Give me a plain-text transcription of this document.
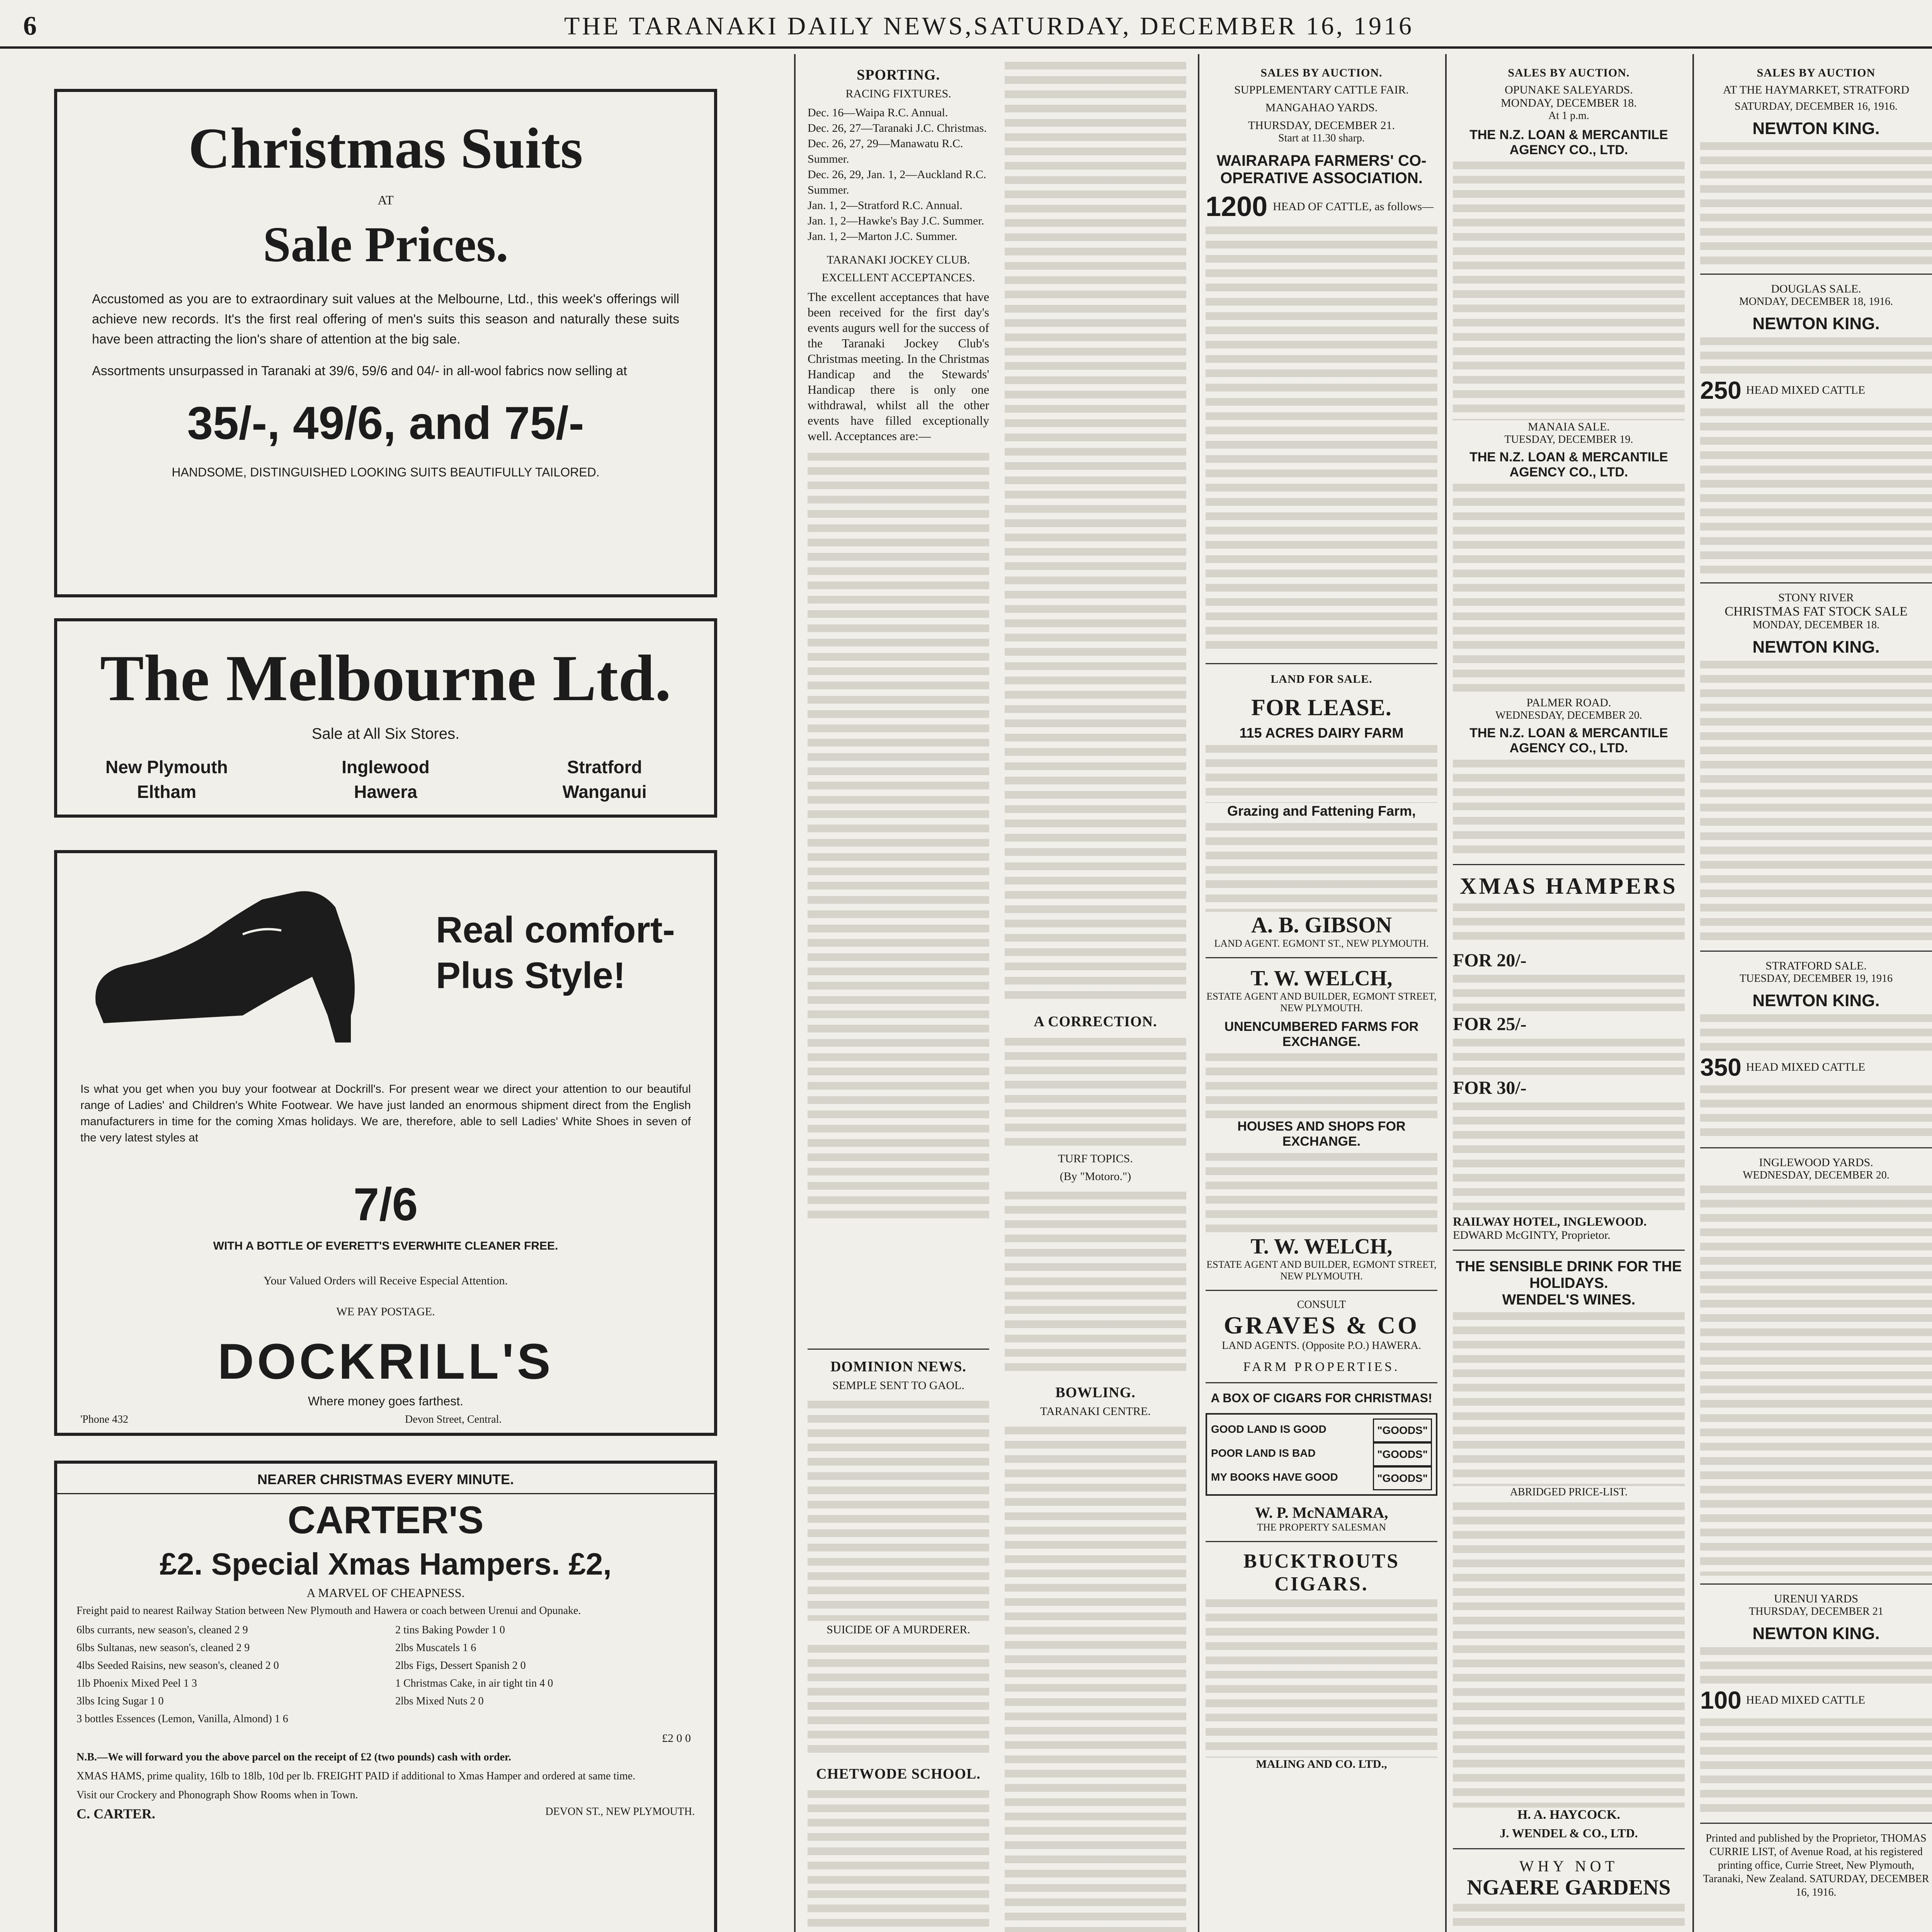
6	THE TARANAKI DAILY NEWS,SATURDAY, DECEMBER 16, 1916
Christmas Suits
AT
Sale Prices.

Accustomed as you are to extraordinary suit values at the Melbourne, Ltd., this week's offerings will achieve new records. It's the first real offering of men's suits this season and naturally these suits have been attracting the lion's share of attention at the big sale.

Assortments unsurpassed in Taranaki at 39/6, 59/6 and 04/- in all-wool fabrics now selling at

35/-, 49/6, and 75/-
HANDSOME, DISTINGUISHED LOOKING SUITS BEAUTIFULLY TAILORED.
The Melbourne Ltd.
Sale at All Six Stores.
New Plymouth	Inglewood	Stratford
Eltham	Hawera	Wanganui
Real comfort-Plus Style!

Is what you get when you buy your footwear at Dockrill's. For present wear we direct your attention to our beautiful range of Ladies' and Children's White Footwear. We have just landed an enormous shipment direct from the English manufacturers in time for the coming Xmas holidays. We are, therefore, able to sell Ladies' White Shoes in seven of the very latest styles at

7/6
WITH A BOTTLE OF EVERETT'S EVERWHITE CLEANER FREE.
Your Valued Orders will Receive Especial Attention.
WE PAY POSTAGE.
DOCKRILL'S
Where money goes farthest.
'Phone 432	Devon Street, Central.
NEARER CHRISTMAS EVERY MINUTE.
CARTER'S
£2. Special Xmas Hampers. £2,
A MARVEL OF CHEAPNESS.

Freight paid to nearest Railway Station between New Plymouth and Hawera or coach between Urenui and Opunake.

6lbs currants, new season's, cleaned 2 9
6lbs Sultanas, new season's, cleaned 2 9
4lbs Seeded Raisins, new season's, cleaned 2 0
1lb Phoenix Mixed Peel 1 3
3lbs Icing Sugar 1 0
3 bottles Essences (Lemon, Vanilla, Almond) 1 6
2 tins Baking Powder 1 0
2lbs Muscatels 1 6
2lbs Figs, Dessert Spanish 2 0
1 Christmas Cake, in air tight tin 4 0
2lbs Mixed Nuts 2 0
£2 0 0

N.B.—We will forward you the above parcel on the receipt of £2 (two pounds) cash with order.

XMAS HAMS, prime quality, 16lb to 18lb, 10d per lb. FREIGHT PAID if additional to Xmas Hamper and ordered at same time.

Visit our Crockery and Phonograph Show Rooms when in Town.

C. CARTER.	DEVON ST., NEW PLYMOUTH.

SPORTING.
RACING FIXTURES.
Dec. 16—Waipa R.C. Annual.
Dec. 26, 27—Taranaki J.C. Christmas.
Dec. 26, 27, 29—Manawatu R.C. Summer.
Dec. 26, 29, Jan. 1, 2—Auckland R.C. Summer.
Jan. 1, 2—Stratford R.C. Annual.
Jan. 1, 2—Hawke's Bay J.C. Summer.
Jan. 1, 2—Marton J.C. Summer.
TARANAKI JOCKEY CLUB.
EXCELLENT ACCEPTANCES.

The excellent acceptances that have been received for the first day's events augurs well for the success of the Taranaki Jockey Club's Christmas meeting. In the Christmas Handicap and the Stewards' Handicap there is only one withdrawal, whilst all the other events have filled exceptionally well. Acceptances are:—

DOMINION NEWS.
SEMPLE SENT TO GAOL.
SUICIDE OF A MURDERER.
CHETWODE SCHOOL.
A CORRECTION.
TURF TOPICS.
(By "Motoro.")
BOWLING.
TARANAKI CENTRE.
SALES BY AUCTION.
SUPPLEMENTARY CATTLE FAIR.
MANGAHAO YARDS.
THURSDAY, DECEMBER 21.
Start at 11.30 sharp.
WAIRARAPA FARMERS' CO-OPERATIVE ASSOCIATION.
1200 HEAD OF CATTLE, as follows—
LAND FOR SALE.
FOR LEASE.
115 ACRES DAIRY FARM
Grazing and Fattening Farm,
A. B. GIBSON
LAND AGENT. EGMONT ST., NEW PLYMOUTH.
T. W. WELCH,
ESTATE AGENT AND BUILDER, EGMONT STREET, NEW PLYMOUTH.
UNENCUMBERED FARMS FOR EXCHANGE.
HOUSES AND SHOPS FOR EXCHANGE.
T. W. WELCH,
ESTATE AGENT AND BUILDER, EGMONT STREET, NEW PLYMOUTH.
CONSULT
GRAVES & CO
LAND AGENTS. (Opposite P.O.) HAWERA.
FARM PROPERTIES.
A BOX OF CIGARS FOR CHRISTMAS!
GOOD LAND IS GOOD	"GOODS"
POOR LAND IS BAD	"GOODS"
MY BOOKS HAVE GOOD	"GOODS"
W. P. McNAMARA,
THE PROPERTY SALESMAN
BUCKTROUTS CIGARS.
MALING AND CO. LTD.,
SALES BY AUCTION.
OPUNAKE SALEYARDS.
MONDAY, DECEMBER 18.
At 1 p.m.
THE N.Z. LOAN & MERCANTILE AGENCY CO., LTD.
MANAIA SALE.
TUESDAY, DECEMBER 19.
THE N.Z. LOAN & MERCANTILE AGENCY CO., LTD.
PALMER ROAD.
WEDNESDAY, DECEMBER 20.
THE N.Z. LOAN & MERCANTILE AGENCY CO., LTD.
XMAS HAMPERS
FOR 20/-
FOR 25/-
FOR 30/-
RAILWAY HOTEL, INGLEWOOD.
EDWARD McGINTY, Proprietor.
THE SENSIBLE DRINK FOR THE HOLIDAYS.
WENDEL'S WINES.
ABRIDGED PRICE-LIST.
H. A. HAYCOCK.
J. WENDEL & CO., LTD.
WHY NOT
NGAERE GARDENS
SALES BY AUCTION
AT THE HAYMARKET, STRATFORD
SATURDAY, DECEMBER 16, 1916.
NEWTON KING.
DOUGLAS SALE.
MONDAY, DECEMBER 18, 1916.
NEWTON KING.
250 HEAD MIXED CATTLE
STONY RIVER
CHRISTMAS FAT STOCK SALE
MONDAY, DECEMBER 18.
NEWTON KING.
STRATFORD SALE.
TUESDAY, DECEMBER 19, 1916
NEWTON KING.
350 HEAD MIXED CATTLE
INGLEWOOD YARDS.
WEDNESDAY, DECEMBER 20.
URENUI YARDS
THURSDAY, DECEMBER 21
NEWTON KING.
100 HEAD MIXED CATTLE

Printed and published by the Proprietor, THOMAS CURRIE LIST, of Avenue Road, at his registered printing office, Currie Street, New Plymouth, Taranaki, New Zealand. SATURDAY, DECEMBER 16, 1916.
